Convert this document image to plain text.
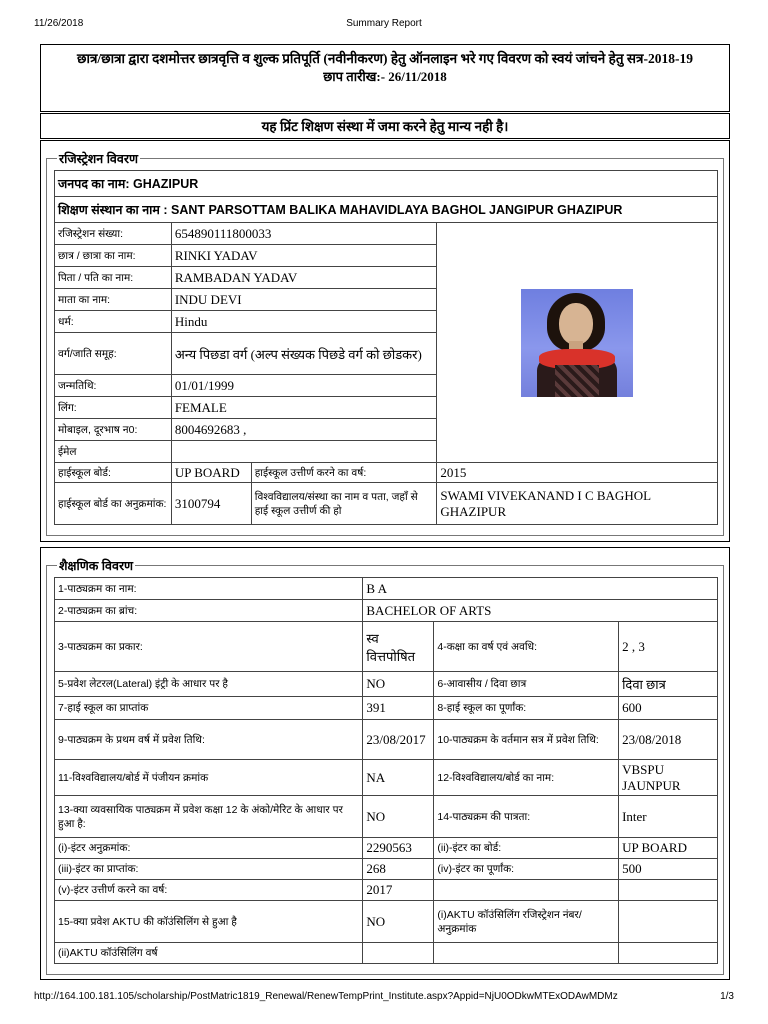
11/26/2018	Summary Report
छात्र/छात्रा द्वारा दशमोत्तर छात्रवृत्ति व शुल्क प्रतिपूर्ति (नवीनीकरण) हेतु ऑनलाइन भरे गए विवरण को स्वयं जांचने हेतु सत्र-2018-19
छाप तारीख:- 26/11/2018
यह प्रिंट शिक्षण संस्था में जमा करने हेतु मान्य नही है।
रजिस्ट्रेशन विवरण
जनपद का नाम: GHAZIPUR			
शिक्षण संस्थान का नाम : SANT PARSOTTAM BALIKA MAHAVIDLAYA BAGHOL JANGIPUR GHAZIPUR			
रजिस्ट्रेशन संख्या:	654890111800033		

छात्र / छात्रा का नाम:	RINKI YADAV		
पिता / पति का नाम:	RAMBADAN YADAV		
माता का नाम:	INDU DEVI		
धर्म:	Hindu		
वर्ग/जाति समूह:	अन्य पिछडा वर्ग (अल्प संख्यक पिछडे वर्ग को छोडकर)		
जन्मतिथि:	01/01/1999		
लिंग:	FEMALE		
मोबाइल, दूरभाष न0:	8004692683 ,		
ईमेल			
हाईस्कूल बोर्ड:	UP BOARD	हाईस्कूल उत्तीर्ण करने का वर्ष:	2015
हाईस्कूल बोर्ड का अनुक्रमांक:	3100794	विश्वविद्यालय/संस्था का नाम व पता, जहाँ से हाई स्कूल उत्तीर्ण की हो	SWAMI VIVEKANAND I C BAGHOL GHAZIPUR
शैक्षणिक विवरण
1-पाठ्यक्रम का नाम:	B A		
2-पाठ्यक्रम का ब्रांच:	BACHELOR OF ARTS		
3-पाठ्यक्रम का प्रकार:	स्व वित्तपोषित	4-कक्षा का वर्ष एवं अवधि:	2 , 3
5-प्रवेश लेटरल(Lateral) इंट्री के आधार पर है	NO	6-आवासीय / दिवा छात्र	दिवा छात्र
7-हाई स्कूल का प्राप्तांक	391	8-हाई स्कूल का पूर्णांक:	600
9-पाठ्यक्रम के प्रथम वर्ष में प्रवेश तिथि:	23/08/2017	10-पाठ्यक्रम के वर्तमान सत्र में प्रवेश तिथि:	23/08/2018
11-विश्वविद्यालय/बोर्ड में पंजीयन क्रमांक	NA	12-विश्वविद्यालय/बोर्ड का नाम:	VBSPU JAUNPUR
13-क्या व्यवसायिक पाठ्यक्रम में प्रवेश कक्षा 12 के अंको/मेरिट के आधार पर हुआ है:	NO	14-पाठ्यक्रम की पात्रता:	Inter
(i)-इंटर अनुक्रमांक:	2290563	(ii)-इंटर का बोर्ड:	UP BOARD
(iii)-इंटर का प्राप्तांक:	268	(iv)-इंटर का पूर्णांक:	500
(v)-इंटर उत्तीर्ण करने का वर्ष:	2017		
15-क्या प्रवेश AKTU की कॉउंसिलिंग से हुआ है	NO	(i)AKTU कॉउंसिलिंग रजिस्ट्रेशन नंबर/अनुक्रमांक	
(ii)AKTU कॉउंसिलिंग वर्ष			
http://164.100.181.105/scholarship/PostMatric1819_Renewal/RenewTempPrint_Institute.aspx?Appid=NjU0ODkwMTExODAwMDMz	1/3
